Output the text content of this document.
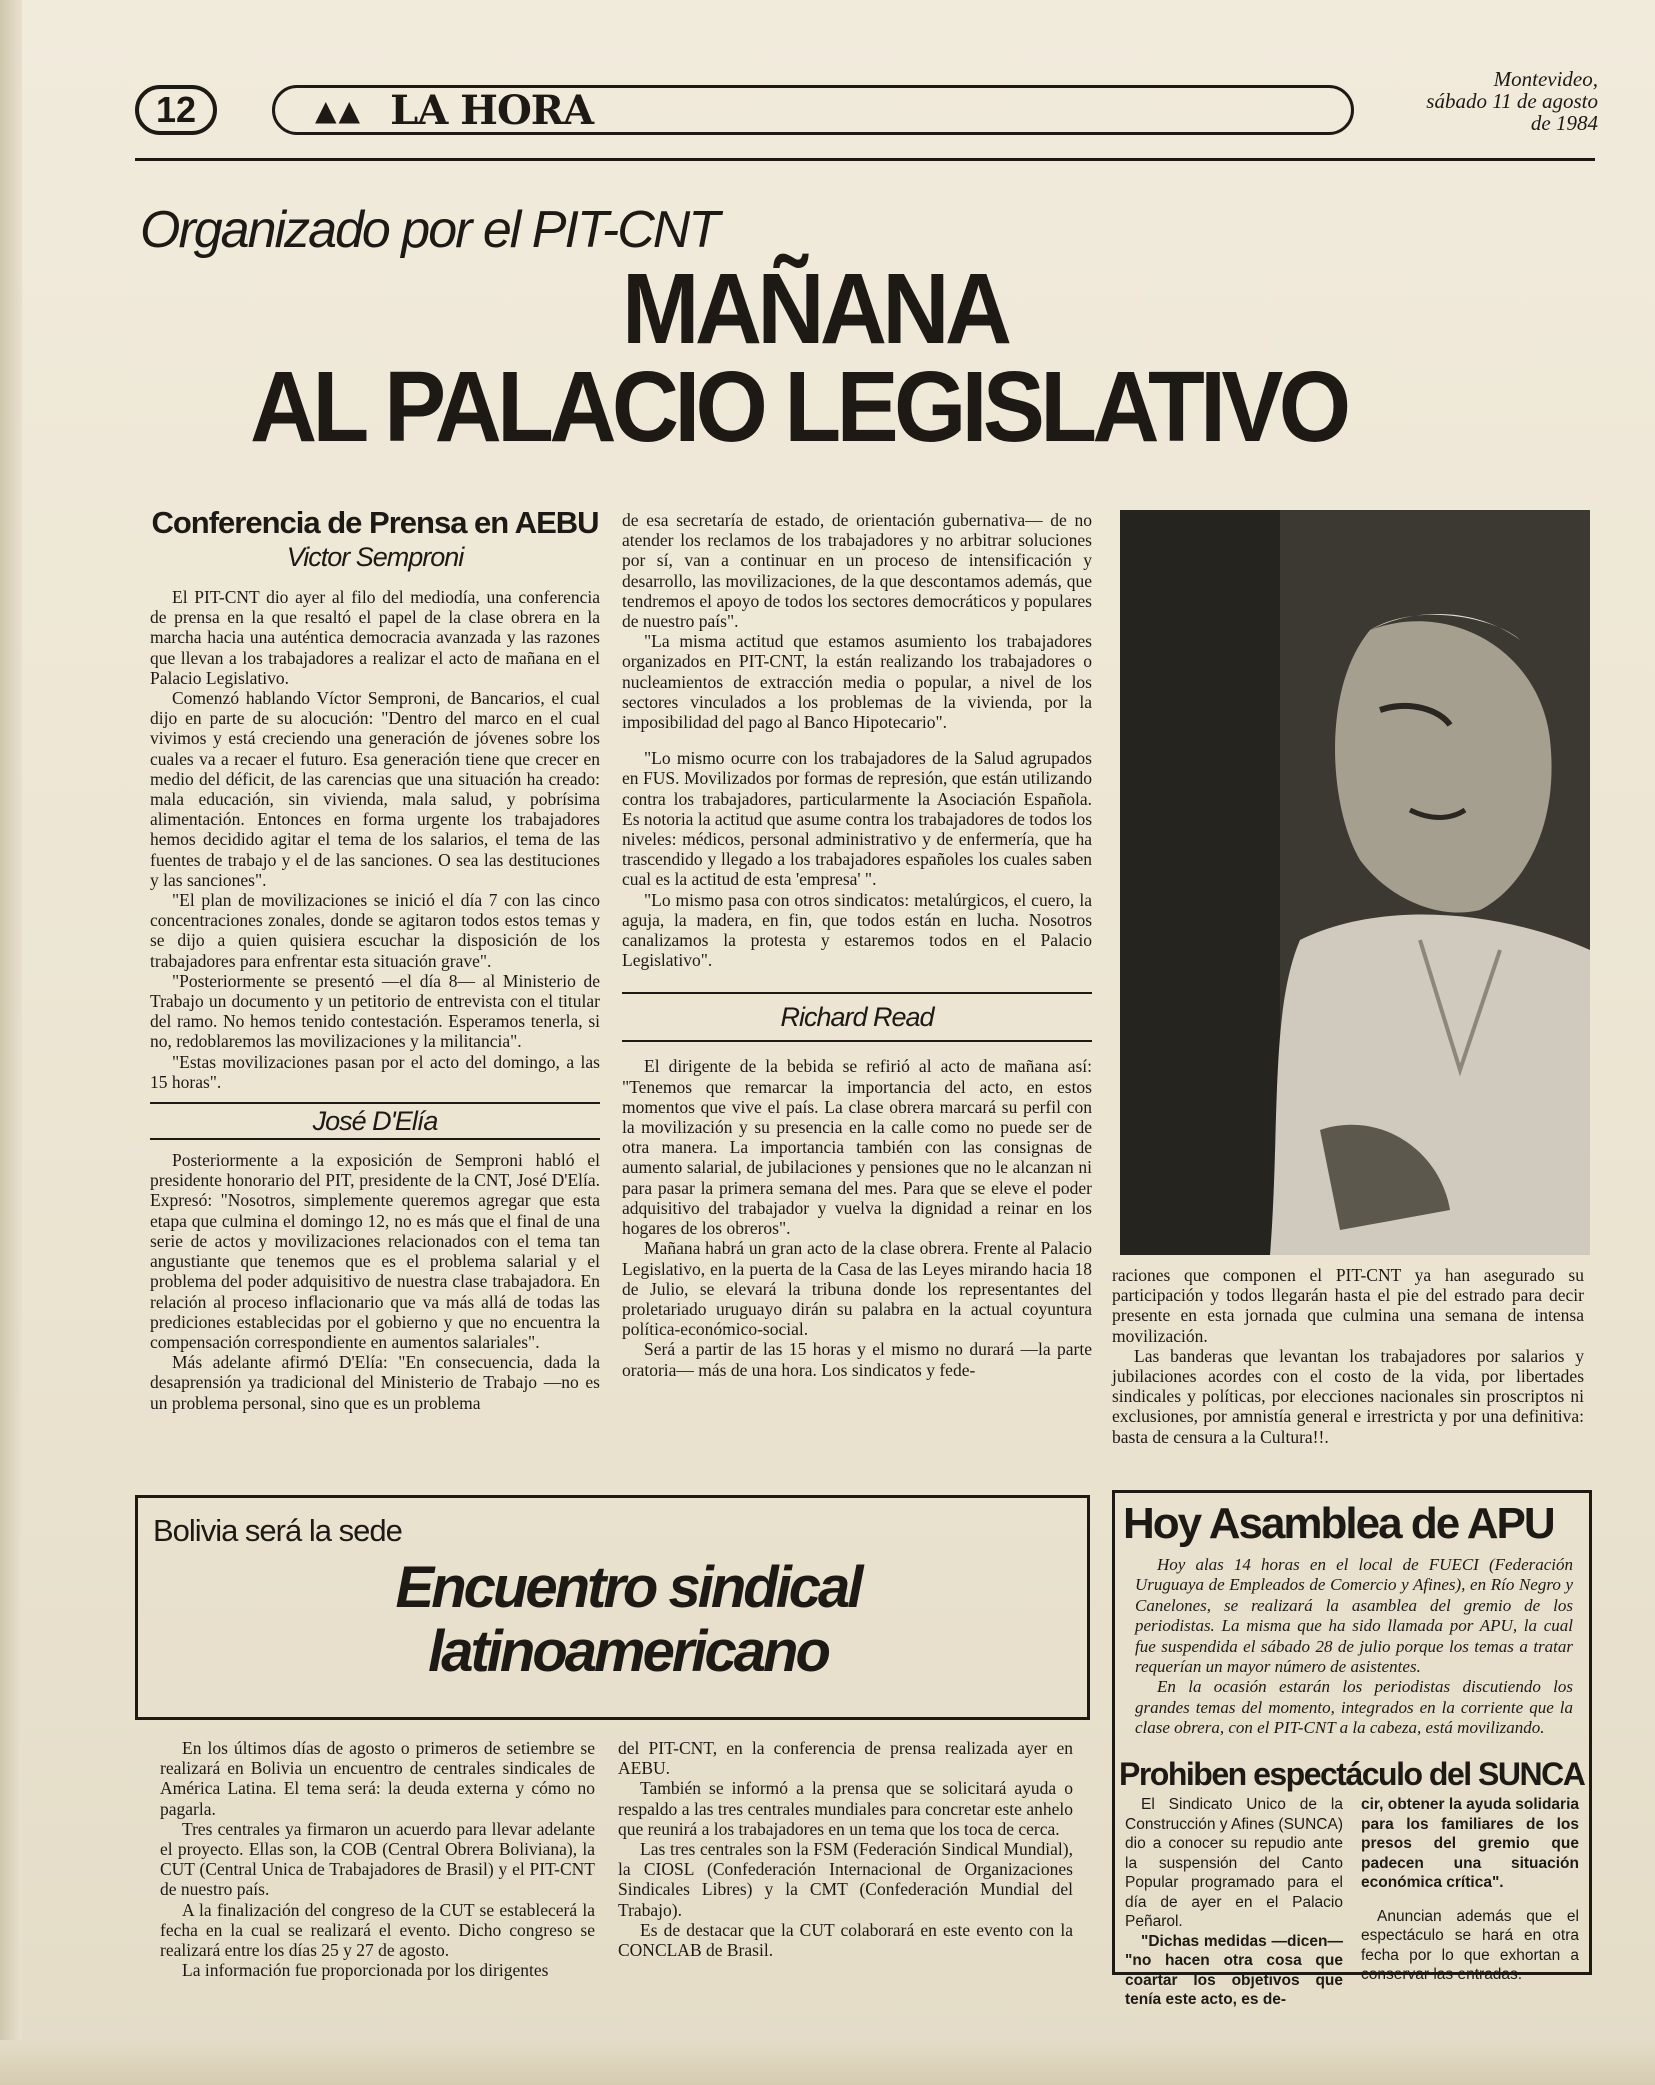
12	▲▲ LA HORA
Montevideo,
sábado 11 de agosto
de 1984
Organizado por el PIT-CNT
MAÑANA
AL PALACIO LEGISLATIVO
Conferencia de Prensa en AEBU
Victor Semproni

El PIT-CNT dio ayer al filo del mediodía, una conferencia de prensa en la que resaltó el papel de la clase obrera en la marcha hacia una auténtica democracia avanzada y las razones que llevan a los trabajadores a realizar el acto de mañana en el Palacio Legislativo.

Comenzó hablando Víctor Semproni, de Bancarios, el cual dijo en parte de su alocución: "Dentro del marco en el cual vivimos y está creciendo una generación de jóvenes sobre los cuales va a recaer el futuro. Esa generación tiene que crecer en medio del déficit, de las carencias que una situación ha creado: mala educación, sin vivienda, mala salud, y pobrísima alimentación. Entonces en forma urgente los trabajadores hemos decidido agitar el tema de los salarios, el tema de las fuentes de trabajo y el de las sanciones. O sea las destituciones y las sanciones".

"El plan de movilizaciones se inició el día 7 con las cinco concentraciones zonales, donde se agitaron todos estos temas y se dijo a quien quisiera escuchar la disposición de los trabajadores para enfrentar esta situación grave".

"Posteriormente se presentó —el día 8— al Ministerio de Trabajo un documento y un petitorio de entrevista con el titular del ramo. No hemos tenido contestación. Esperamos tenerla, si no, redoblaremos las movilizaciones y la militancia".

"Estas movilizaciones pasan por el acto del domingo, a las 15 horas".

José D'Elía

Posteriormente a la exposición de Semproni habló el presidente honorario del PIT, presidente de la CNT, José D'Elía. Expresó: "Nosotros, simplemente queremos agregar que esta etapa que culmina el domingo 12, no es más que el final de una serie de actos y movilizaciones relacionados con el tema tan angustiante que tenemos que es el problema salarial y el problema del poder adquisitivo de nuestra clase trabajadora. En relación al proceso inflacionario que va más allá de todas las prediciones establecidas por el gobierno y que no encuentra la compensación correspondiente en aumentos salariales".

Más adelante afirmó D'Elía: "En consecuencia, dada la desaprensión ya tradicional del Ministerio de Trabajo —no es un problema personal, sino que es un problema

de esa secretaría de estado, de orientación gubernativa— de no atender los reclamos de los trabajadores y no arbitrar soluciones por sí, van a continuar en un proceso de intensificación y desarrollo, las movilizaciones, de la que descontamos además, que tendremos el apoyo de todos los sectores democráticos y populares de nuestro país".

"La misma actitud que estamos asumiento los trabajadores organizados en PIT-CNT, la están realizando los trabajadores o nucleamientos de extracción media o popular, a nivel de los sectores vinculados a los problemas de la vivienda, por la imposibilidad del pago al Banco Hipotecario".

"Lo mismo ocurre con los trabajadores de la Salud agrupados en FUS. Movilizados por formas de represión, que están utilizando contra los trabajadores, particularmente la Asociación Española. Es notoria la actitud que asume contra los trabajadores de todos los niveles: médicos, personal administrativo y de enfermería, que ha trascendido y llegado a los trabajadores españoles los cuales saben cual es la actitud de esta 'empresa' ".

"Lo mismo pasa con otros sindicatos: metalúrgicos, el cuero, la aguja, la madera, en fin, que todos están en lucha. Nosotros canalizamos la protesta y estaremos todos en el Palacio Legislativo".

Richard Read

El dirigente de la bebida se refirió al acto de mañana así: "Tenemos que remarcar la importancia del acto, en estos momentos que vive el país. La clase obrera marcará su perfil con la movilización y su presencia en la calle como no puede ser de otra manera. La importancia también con las consignas de aumento salarial, de jubilaciones y pensiones que no le alcanzan ni para pasar la primera semana del mes. Para que se eleve el poder adquisitivo del trabajador y vuelva la dignidad a reinar en los hogares de los obreros".

Mañana habrá un gran acto de la clase obrera. Frente al Palacio Legislativo, en la puerta de la Casa de las Leyes mirando hacia 18 de Julio, se elevará la tribuna donde los representantes del proletariado uruguayo dirán su palabra en la actual coyuntura política-económico-social.

Será a partir de las 15 horas y el mismo no durará —la parte oratoria— más de una hora. Los sindicatos y fede-

raciones que componen el PIT-CNT ya han asegurado su participación y todos llegarán hasta el pie del estrado para decir presente en esta jornada que culmina una semana de intensa movilización.

Las banderas que levantan los trabajadores por salarios y jubilaciones acordes con el costo de la vida, por libertades sindicales y políticas, por elecciones nacionales sin proscriptos ni exclusiones, por amnistía general e irrestricta y por una definitiva: basta de censura a la Cultura!!.

Bolivia será la sede
Encuentro sindical
latinoamericano

En los últimos días de agosto o primeros de setiembre se realizará en Bolivia un encuentro de centrales sindicales de América Latina. El tema será: la deuda externa y cómo no pagarla.

Tres centrales ya firmaron un acuerdo para llevar adelante el proyecto. Ellas son, la COB (Central Obrera Boliviana), la CUT (Central Unica de Trabajadores de Brasil) y el PIT-CNT de nuestro país.

A la finalización del congreso de la CUT se establecerá la fecha en la cual se realizará el evento. Dicho congreso se realizará entre los días 25 y 27 de agosto.

La información fue proporcionada por los dirigentes

del PIT-CNT, en la conferencia de prensa realizada ayer en AEBU.

También se informó a la prensa que se solicitará ayuda o respaldo a las tres centrales mundiales para concretar este anhelo que reunirá a los trabajadores en un tema que los toca de cerca.

Las tres centrales son la FSM (Federación Sindical Mundial), la CIOSL (Confederación Internacional de Organizaciones Sindicales Libres) y la CMT (Confederación Mundial del Trabajo).

Es de destacar que la CUT colaborará en este evento con la CONCLAB de Brasil.

Hoy Asamblea de APU

Hoy alas 14 horas en el local de FUECI (Federación Uruguaya de Empleados de Comercio y Afines), en Río Negro y Canelones, se realizará la asamblea del gremio de los periodistas. La misma que ha sido llamada por APU, la cual fue suspendida el sábado 28 de julio porque los temas a tratar requerían un mayor número de asistentes.

En la ocasión estarán los periodistas discutiendo los grandes temas del momento, integrados en la corriente que la clase obrera, con el PIT-CNT a la cabeza, está movilizando.

Prohiben espectáculo del SUNCA

El Sindicato Unico de la Construcción y Afines (SUNCA) dio a conocer su repudio ante la suspensión del Canto Popular programado para el día de ayer en el Palacio Peñarol.

"Dichas medidas —dicen— "no hacen otra cosa que coartar los objetivos que tenía este acto, es de-

cir, obtener la ayuda solidaria para los familiares de los presos del gremio que padecen una situación económica crítica".

Anuncian además que el espectáculo se hará en otra fecha por lo que exhortan a conservar las entradas.
